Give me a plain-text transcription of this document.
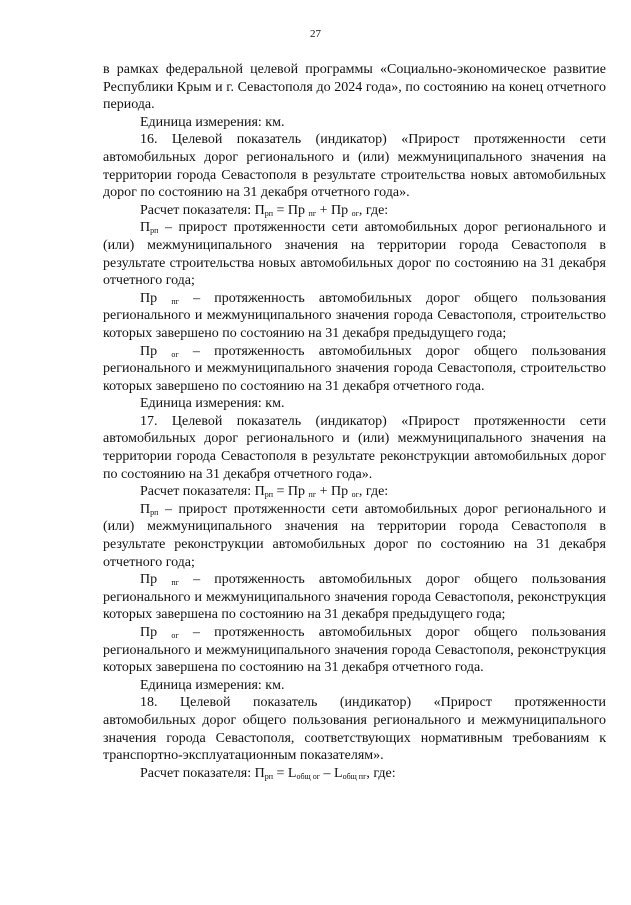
27

в рамках федеральной целевой программы «Социально-экономическое развитие Республики Крым и г. Севастополя до 2024 года», по состоянию на конец отчетного периода.

Единица измерения: км.

16. Целевой показатель (индикатор) «Прирост протяженности сети автомобильных дорог регионального и (или) межмуниципального значения на территории города Севастополя в результате строительства новых автомобильных дорог по состоянию на 31 декабря отчетного года».

Расчет показателя: $П_{рп}$ = Пр $_{пг}$ + Пр $_{ог}$, где:

$П_{рп}$ – прирост протяженности сети автомобильных дорог регионального и (или) межмуниципального значения на территории города Севастополя в результате строительства новых автомобильных дорог по состоянию на 31 декабря отчетного года;

Пр $_{пг}$ – протяженность автомобильных дорог общего пользования регионального и межмуниципального значения города Севастополя, строительство которых завершено по состоянию на 31 декабря предыдущего года;

Пр $_{ог}$ – протяженность автомобильных дорог общего пользования регионального и межмуниципального значения города Севастополя, строительство которых завершено по состоянию на 31 декабря отчетного года.

Единица измерения: км.

17. Целевой показатель (индикатор) «Прирост протяженности сети автомобильных дорог регионального и (или) межмуниципального значения на территории города Севастополя в результате реконструкции автомобильных дорог по состоянию на 31 декабря отчетного года».

Расчет показателя: $П_{рп}$ = Пр $_{пг}$ + Пр $_{ог}$, где:

$П_{рп}$ – прирост протяженности сети автомобильных дорог регионального и (или) межмуниципального значения на территории города Севастополя в результате реконструкции автомобильных дорог по состоянию на 31 декабря отчетного года;

Пр $_{пг}$ – протяженность автомобильных дорог общего пользования регионального и межмуниципального значения города Севастополя, реконструкция которых завершена по состоянию на 31 декабря предыдущего года;

Пр $_{ог}$ – протяженность автомобильных дорог общего пользования регионального и межмуниципального значения города Севастополя, реконструкция которых завершена по состоянию на 31 декабря отчетного года.

Единица измерения: км.

18. Целевой показатель (индикатор) «Прирост протяженности автомобильных дорог общего пользования регионального и межмуниципального значения города Севастополя, соответствующих нормативным требованиям к транспортно-эксплуатационным показателям».

Расчет показателя: $П_{рп} = L_{общ ог} - L_{общ пг}$, где:
